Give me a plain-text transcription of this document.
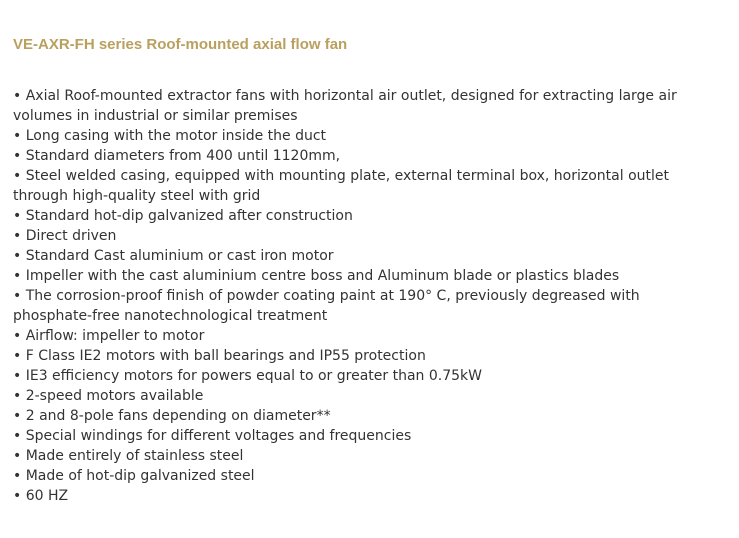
VE-AXR-FH series Roof-mounted axial flow fan
• Axial Roof-mounted extractor fans with horizontal air outlet, designed for extracting large air volumes in industrial or similar premises
• Long casing with the motor inside the duct
• Standard diameters from 400 until 1120mm,
• Steel welded casing, equipped with mounting plate, external terminal box, horizontal outlet through high-quality steel with grid
• Standard hot-dip galvanized after construction
• Direct driven
• Standard Cast aluminium or cast iron motor
• Impeller with the cast aluminium centre boss and Aluminum blade or plastics blades
• The corrosion-proof finish of powder coating paint at 190° C, previously degreased with phosphate-free nanotechnological treatment
• Airflow: impeller to motor
• F Class IE2 motors with ball bearings and IP55 protection
• IE3 efficiency motors for powers equal to or greater than 0.75kW
• 2-speed motors available
• 2 and 8-pole fans depending on diameter**
• Special windings for different voltages and frequencies
• Made entirely of stainless steel
• Made of hot-dip galvanized steel
• 60 HZ
